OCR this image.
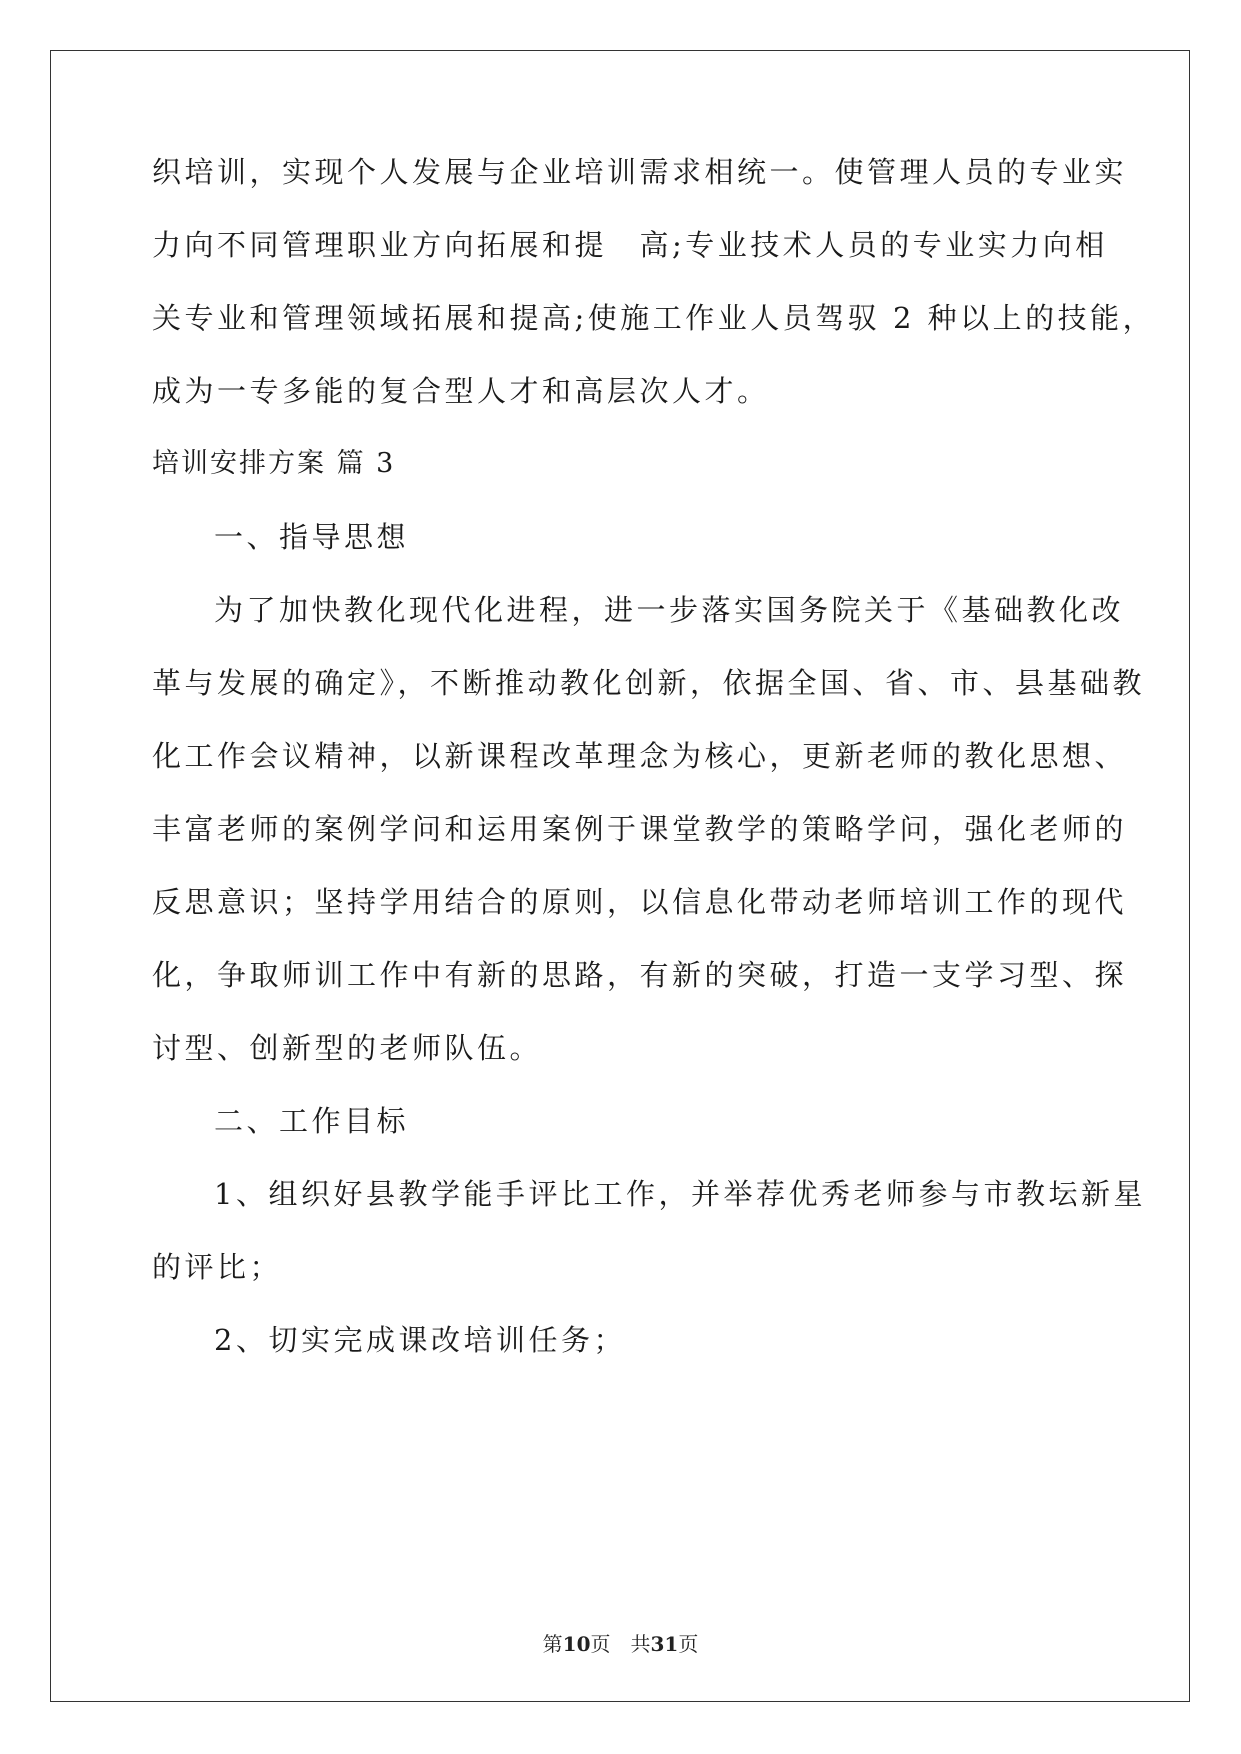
织培训，实现个人发展与企业培训需求相统一。使管理人员的专业实
力向不同管理职业方向拓展和提　高;专业技术人员的专业实力向相
关专业和管理领域拓展和提高;使施工作业人员驾驭 2 种以上的技能，
成为一专多能的复合型人才和高层次人才。
培训安排方案 篇 3
一、指导思想
为了加快教化现代化进程，进一步落实国务院关于《基础教化改
革与发展的确定》，不断推动教化创新，依据全国、省、市、县基础教
化工作会议精神，以新课程改革理念为核心，更新老师的教化思想、
丰富老师的案例学问和运用案例于课堂教学的策略学问，强化老师的
反思意识；坚持学用结合的原则，以信息化带动老师培训工作的现代
化，争取师训工作中有新的思路，有新的突破，打造一支学习型、探
讨型、创新型的老师队伍。
二、工作目标
1、组织好县教学能手评比工作，并举荐优秀老师参与市教坛新星
的评比；
2、切实完成课改培训任务；
第10页　共31页
